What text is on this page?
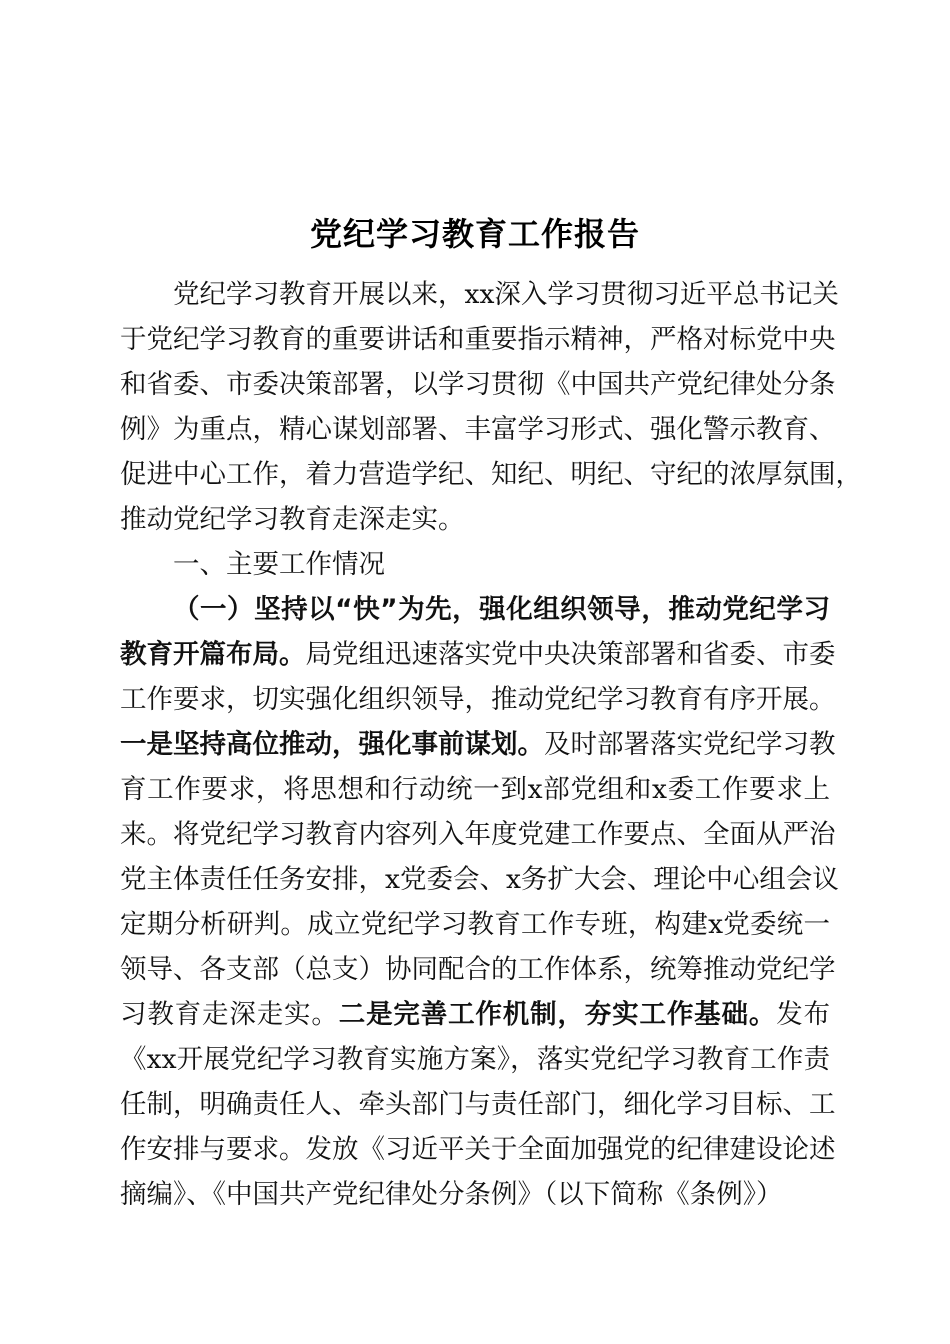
党纪学习教育工作报告
党纪学习教育开展以来，xx深入学习贯彻习近平总书记关
于党纪学习教育的重要讲话和重要指示精神，严格对标党中央
和省委、市委决策部署，以学习贯彻《中国共产党纪律处分条
例》为重点，精心谋划部署、丰富学习形式、强化警示教育、
促进中心工作，着力营造学纪、知纪、明纪、守纪的浓厚氛围，
推动党纪学习教育走深走实。
一、主要工作情况
（一）坚持以“快”为先，强化组织领导，推动党纪学习
教育开篇布局。局党组迅速落实党中央决策部署和省委、市委
工作要求，切实强化组织领导，推动党纪学习教育有序开展。
一是坚持高位推动，强化事前谋划。及时部署落实党纪学习教
育工作要求，将思想和行动统一到x部党组和x委工作要求上
来。将党纪学习教育内容列入年度党建工作要点、全面从严治
党主体责任任务安排，x党委会、x务扩大会、理论中心组会议
定期分析研判。成立党纪学习教育工作专班，构建x党委统一
领导、各支部（总支）协同配合的工作体系，统筹推动党纪学
习教育走深走实。二是完善工作机制，夯实工作基础。发布
《xx开展党纪学习教育实施方案》，落实党纪学习教育工作责
任制，明确责任人、牵头部门与责任部门，细化学习目标、工
作安排与要求。发放《习近平关于全面加强党的纪律建设论述
摘编》、《中国共产党纪律处分条例》（以下简称《条例》）
